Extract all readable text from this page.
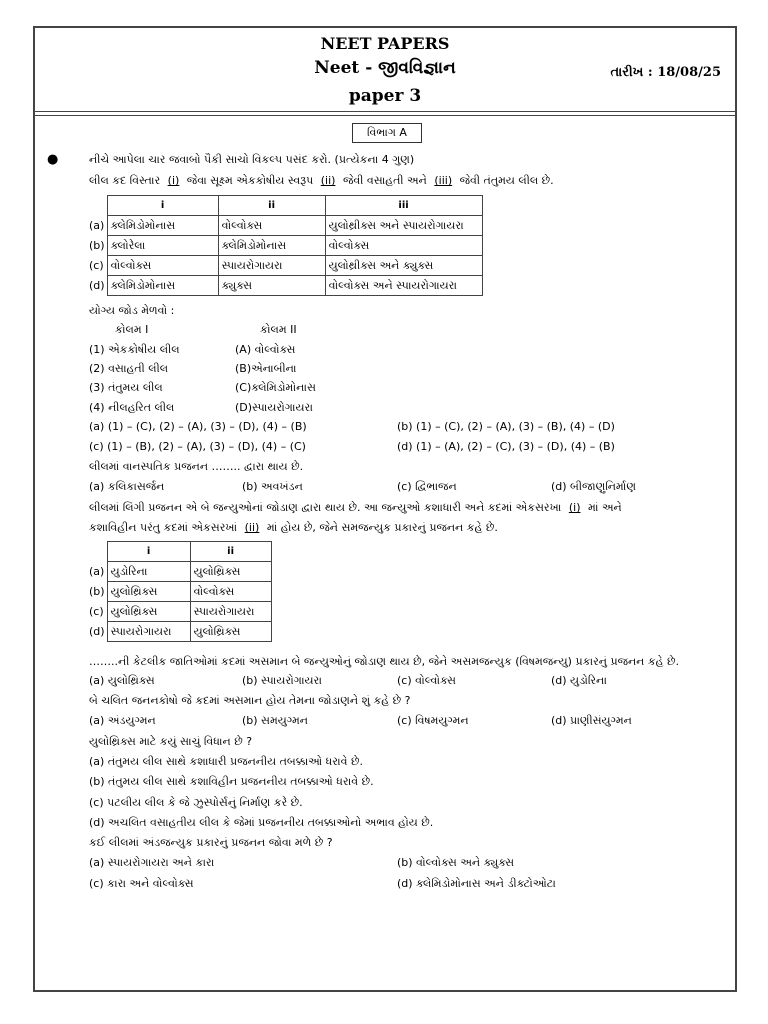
NEET PAPERS
Neet - જીવવિજ્ઞાન
paper 3
તારીખ : 18/08/25
વિભાગ A
●	નીચે આપેલા ચાર જવાબો પૈકી સાચો વિકલ્પ પસંદ કરો. (પ્રત્યેકના 4 ગુણ)
લીલ કદ વિસ્તાર (i) જેવા સૂક્ષ્મ એકકોષીય સ્વરૂપ (ii) જેવી વસાહતી અને (iii) જેવી તંતુમય લીલ છે.
	i	ii	iii
(a)	ક્લેમિડોમોનાસ	વોલ્વોક્સ	યુલોથ્રીક્સ અને સ્પાયરોગાયરા
(b)	ક્લોરેલા	ક્લેમિડોમોનાસ	વોલ્વોક્સ
(c)	વોલ્વોક્સ	સ્પાયરોગાયરા	યુલોથ્રીક્સ અને ક્યુક્સ
(d)	ક્લેમિડોમોનાસ	ક્યુક્સ	વોલ્વોક્સ અને સ્પાયરોગાયરા
યોગ્ય જોડ મેળવો :
કોલમ I	કોલમ II
(1) એકકોષીય લીલ	(A) વોલ્વોક્સ
(2) વસાહતી લીલ	(B)એનાબીના
(3) તંતુમય લીલ	(C)ક્લેમિડોમોનાસ
(4) નીલહરિત લીલ	(D)સ્પાયરોગાયરા
(a) (1) – (C), (2) – (A), (3) – (D), (4) – (B)	(b) (1) – (C), (2) – (A), (3) – (B), (4) – (D)
(c) (1) – (B), (2) – (A), (3) – (D), (4) – (C)	(d) (1) – (A), (2) – (C), (3) – (D), (4) – (B)
લીલમાં વાનસ્પતિક પ્રજનન …….. દ્વારા થાય છે.
(a) કલિકાસર્જન	(b) અવખંડન	(c) દ્વિભાજન	(d) બીજાણુનિર્માણ
લીલમાં લિંગી પ્રજનન એ બે જન્યુઓનાં જોડાણ દ્વારા થાય છે. આ જન્યુઓ કશાધારી અને કદમાં એકસરખા (i) માં અને
કશાવિહીન પરંતુ કદમાં એકસરખાં (ii) માં હોય છે, જેને સમજન્યુક પ્રકારનું પ્રજનન કહે છે.
	i	ii
(a)	યુડોરિના	યુલોથ્રિક્સ
(b)	યુલોથ્રિક્સ	વોલ્વોક્સ
(c)	યુલોથ્રિક્સ	સ્પાયરોગાયરા
(d)	સ્પાયરોગાયરા	યુલોથ્રિક્સ
……..ની કેટલીક જાતિઓમાં કદમાં અસમાન બે જન્યુઓનું જોડાણ થાય છે, જેને અસમજન્યુક (વિષમજન્યુ) પ્રકારનું પ્રજનન કહે છે.
(a) યુલોથ્રિક્સ	(b) સ્પાયરોગાયરા	(c) વોલ્વોક્સ	(d) યુડોરિના
બે ચલિત જનનકોષો જે કદમાં અસમાન હોય તેમના જોડાણને શું કહે છે ?
(a) અંડયુગ્મન	(b) સમયુગ્મન	(c) વિષમયુગ્મન	(d) પ્રાણીસંયુગ્મન
યુલોથ્રિક્સ માટે કયું સાચું વિધાન છે ?
(a) તંતુમય લીલ સાથે કશાધારી પ્રજનનીય તબક્કાઓ ધરાવે છે.
(b) તંતુમય લીલ સાથે કશાવિહીન પ્રજનનીય તબક્કાઓ ધરાવે છે.
(c) પટલીય લીલ કે જે ઝુસ્પોર્સનું નિર્માણ કરે છે.
(d) અચલિત વસાહતીય લીલ કે જેમાં પ્રજનનીય તબક્કાઓનો અભાવ હોય છે.
કઈ લીલમાં અંડજન્યુક પ્રકારનું પ્રજનન જોવા મળે છે ?
(a) સ્પાયરોગાયરા અને કારા	(b) વોલ્વોક્સ અને ક્યુક્સ
(c) કારા અને વોલ્વોક્સ	(d) ક્લેમિડોમોનાસ અને ડીક્ટોઓટા
